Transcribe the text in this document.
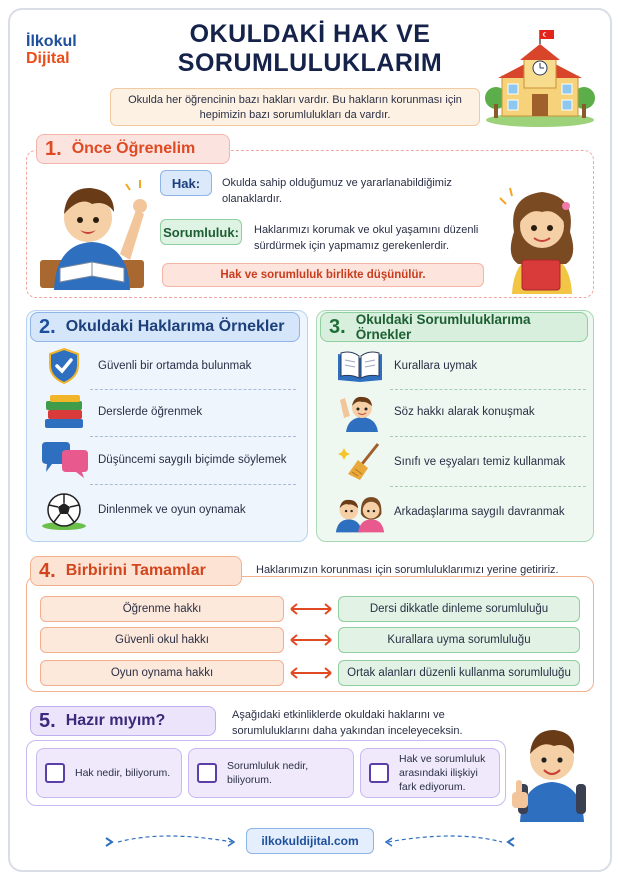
İlkokul
Dijital
OKULDAKİ HAK VE
SORUMLULUKLARIM
Okulda her öğrencinin bazı hakları vardır. Bu hakların korunması için
hepimizin bazı sorumlulukları da vardır.
1. Önce Öğrenelim
Hak:	Okulda sahip olduğumuz ve yararlanabildiğimiz olanaklardır.
Sorumluluk: Haklarımızı korumak ve okul yaşamını düzenli sürdürmek için yapmamız gerekenlerdir.
Hak ve sorumluluk birlikte düşünülür.
2. Okuldaki Haklarıma Örnekler
Güvenli bir ortamda bulunmak
Derslerde öğrenmek
Düşüncemi saygılı biçimde söylemek
Dinlenmek ve oyun oynamak
3. Okuldaki Sorumluluklarıma Örnekler
Kurallara uymak
Söz hakkı alarak konuşmak
Sınıfı ve eşyaları temiz kullanmak
Arkadaşlarıma saygılı davranmak
4. Birbirini Tamamlar	Haklarımızın korunması için sorumluluklarımızı yerine getiririz.
Öğrenme hakkı	Dersi dikkatle dinleme sorumluluğu
Güvenli okul hakkı	Kurallara uyma sorumluluğu
Oyun oynama hakkı	Ortak alanları düzenli kullanma sorumluluğu
5. Hazır mıyım?	Aşağıdaki etkinliklerde okuldaki haklarını ve sorumluluklarını daha yakından inceleyeceksin.
Hak nedir, biliyorum.
Sorumluluk nedir, biliyorum.
Hak ve sorumluluk
arasındaki ilişkiyi
fark ediyorum.
ilkokuldijital.com
